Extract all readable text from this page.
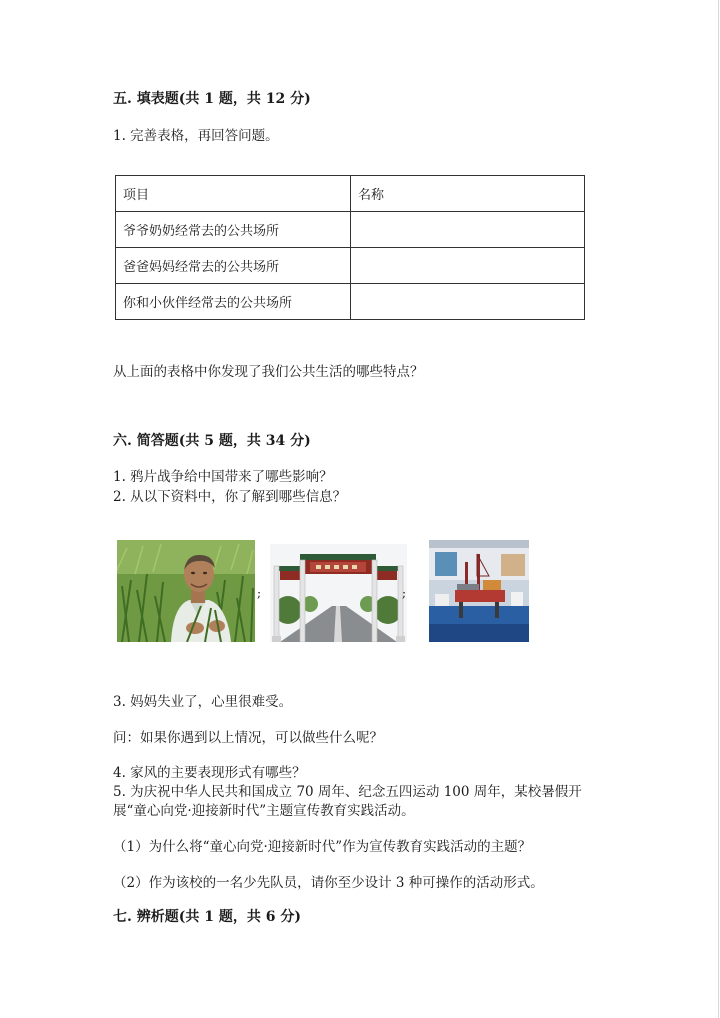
五. 填表题(共 1 题，共 12 分)
1. 完善表格，再回答问题。
项目	名称
爷爷奶奶经常去的公共场所	
爸爸妈妈经常去的公共场所	
你和小伙伴经常去的公共场所	
从上面的表格中你发现了我们公共生活的哪些特点？
六. 简答题(共 5 题，共 34 分)
1. 鸦片战争给中国带来了哪些影响？
2. 从以下资料中，你了解到哪些信息？
;	;
3. 妈妈失业了，心里很难受。
问：如果你遇到以上情况，可以做些什么呢？
4. 家风的主要表现形式有哪些？
5. 为庆祝中华人民共和国成立 70 周年、纪念五四运动 100 周年，某校暑假开
展“童心向党·迎接新时代”主题宣传教育实践活动。
（1）为什么将“童心向党·迎接新时代”作为宣传教育实践活动的主题？
（2）作为该校的一名少先队员，请你至少设计 3 种可操作的活动形式。
七. 辨析题(共 1 题，共 6 分)
